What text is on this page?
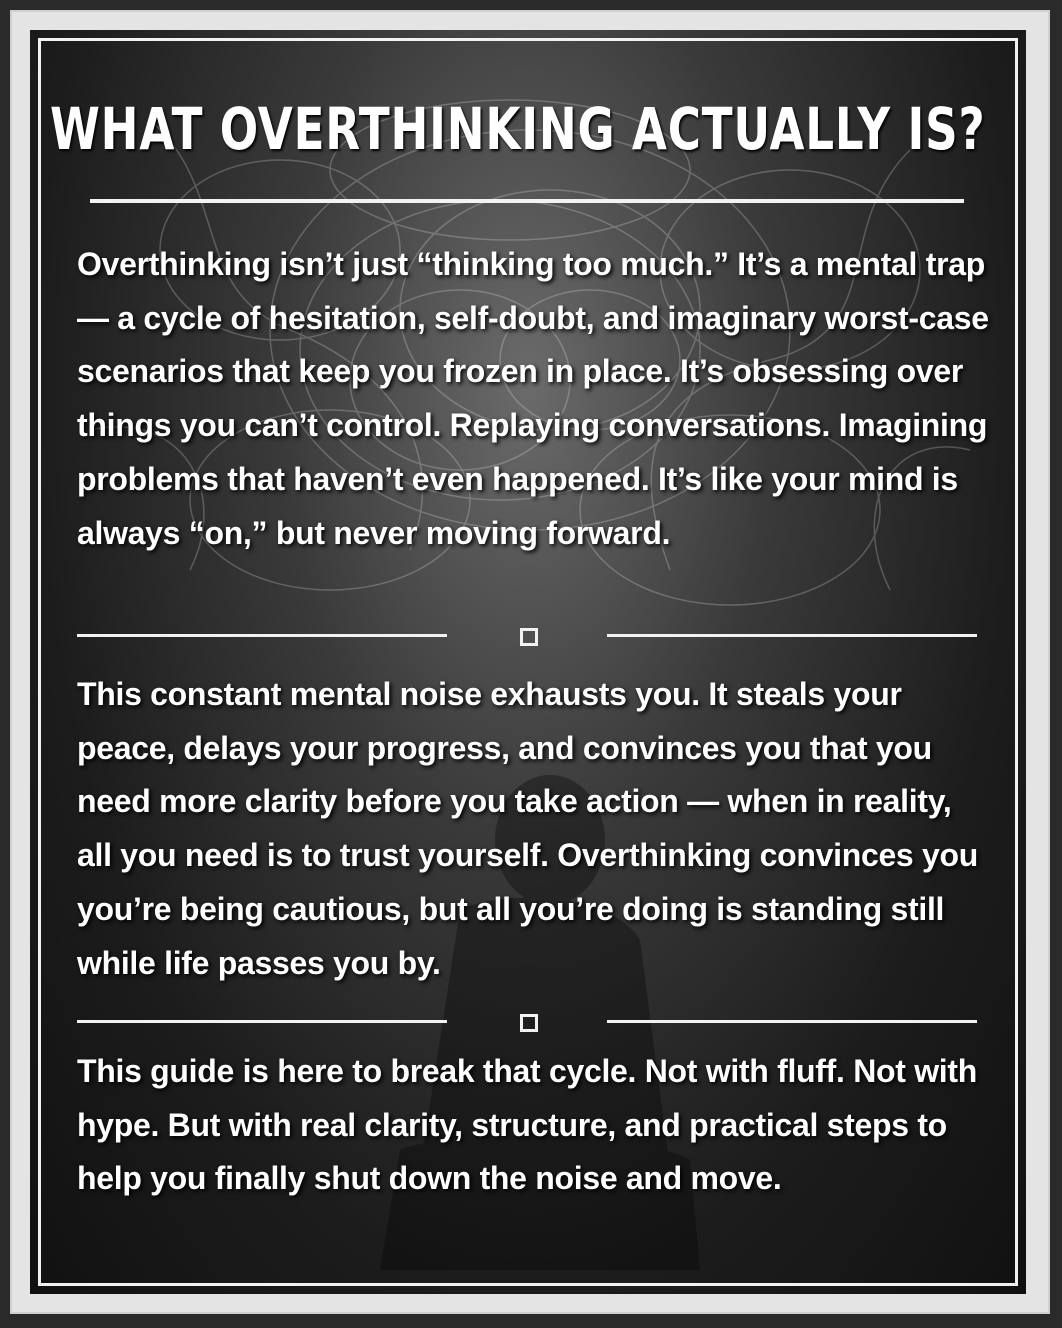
WHAT OVERTHINKING ACTUALLY IS?

Overthinking isn’t just “thinking too much.” It’s a mental trap — a cycle of hesitation, self-doubt, and imaginary worst-case scenarios that keep you frozen in place. It’s obsessing over things you can’t control. Replaying conversations. Imagining problems that haven’t even happened. It’s like your mind is always “on,” but never moving forward.

This constant mental noise exhausts you. It steals your peace, delays your progress, and convinces you that you need more clarity before you take action — when in reality, all you need is to trust yourself. Overthinking convinces you you’re being cautious, but all you’re doing is standing still while life passes you by.

This guide is here to break that cycle. Not with fluff. Not with hype. But with real clarity, structure, and practical steps to help you finally shut down the noise and move.
